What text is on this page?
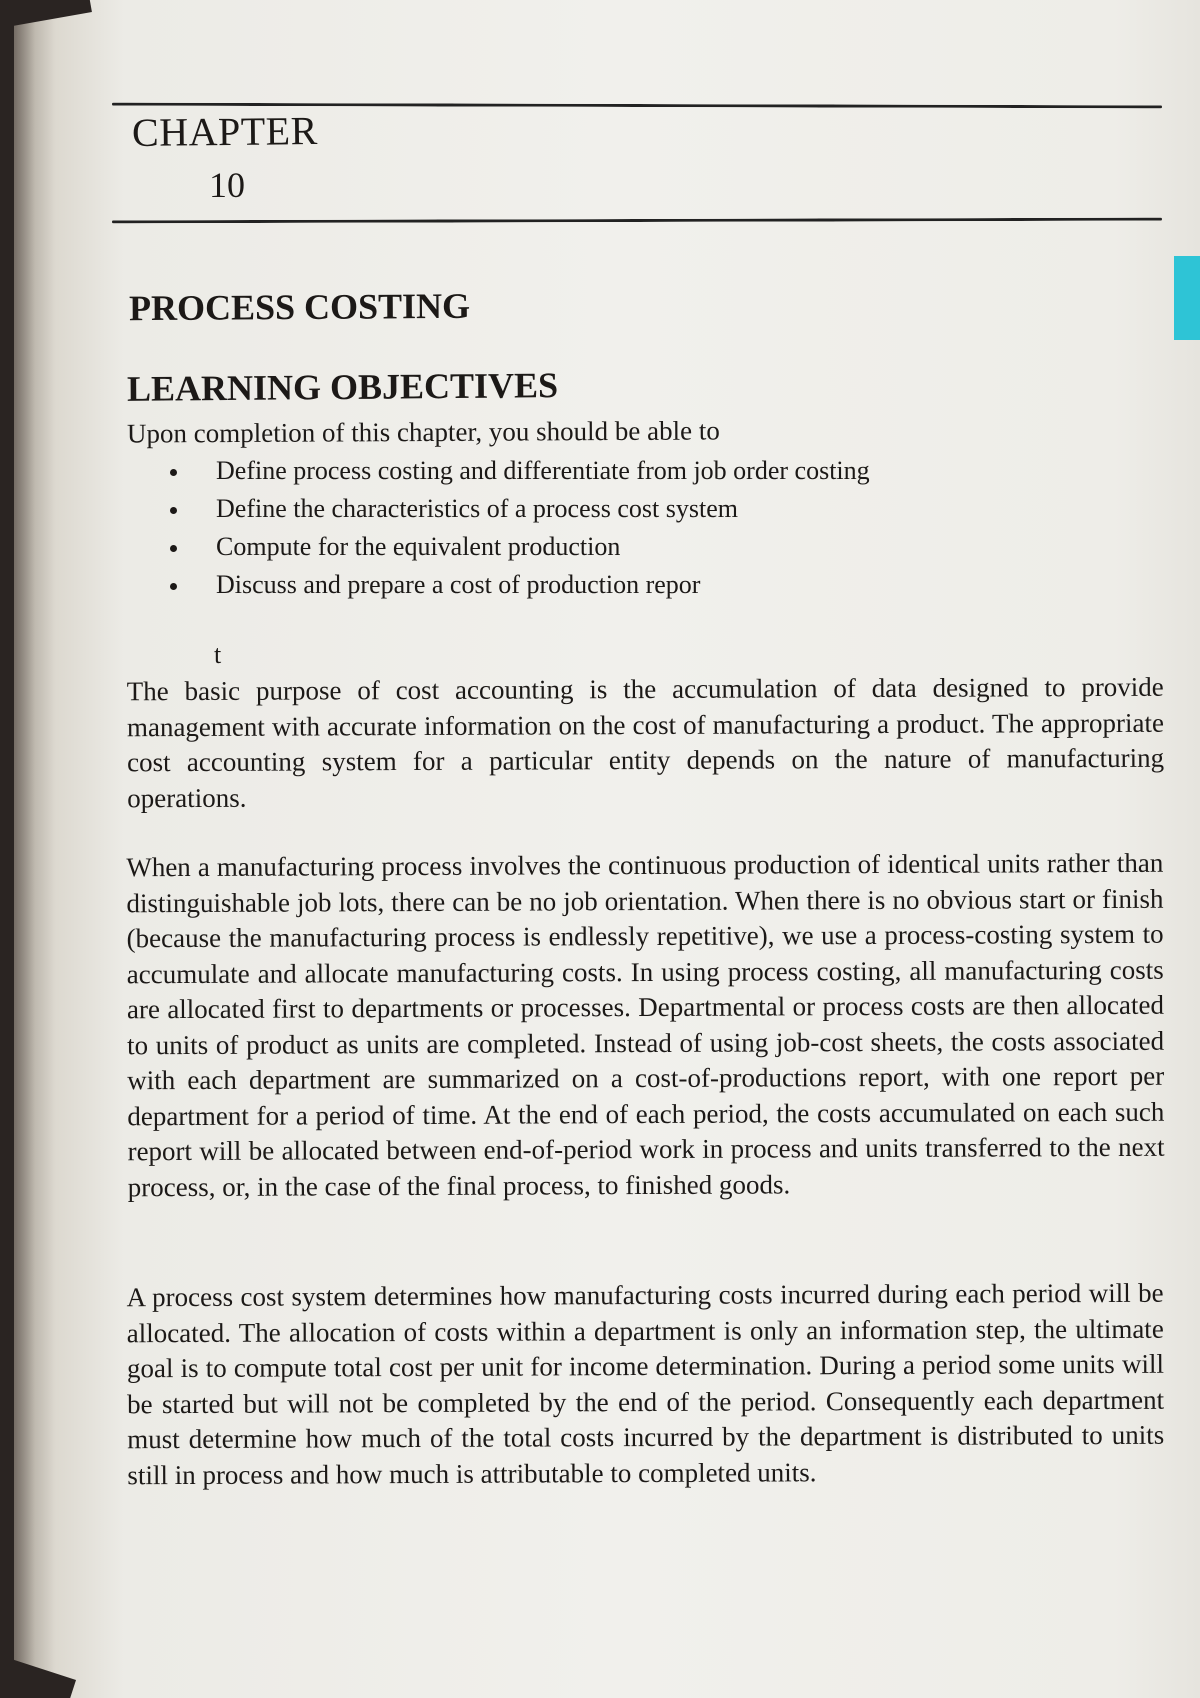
CHAPTER
10
PROCESS COSTING
LEARNING OBJECTIVES

Upon completion of this chapter, you should be able to

Define process costing and differentiate from job order costing
Define the characteristics of a process cost system
Compute for the equivalent production
Discuss and prepare a cost of production repor
t

The basic purpose of cost accounting is the accumulation of data designed to provide management with accurate information on the cost of manufacturing a product. The appropriate cost accounting system for a particular entity depends on the nature of manufacturing operations.

When a manufacturing process involves the continuous production of identical units rather than distinguishable job lots, there can be no job orientation. When there is no obvious start or finish (because the manufacturing process is endlessly repetitive), we use a process-costing system to accumulate and allocate manufacturing costs. In using process costing, all manufacturing costs are allocated first to departments or processes. Departmental or process costs are then allocated to units of product as units are completed. Instead of using job-cost sheets, the costs associated with each department are summarized on a cost-of-productions report, with one report per department for a period of time. At the end of each period, the costs accumulated on each such report will be allocated between end-of-period work in process and units transferred to the next process, or, in the case of the final process, to finished goods.

A process cost system determines how manufacturing costs incurred during each period will be allocated. The allocation of costs within a department is only an information step, the ultimate goal is to compute total cost per unit for income determination. During a period some units will be started but will not be completed by the end of the period. Consequently each department must determine how much of the total costs incurred by the department is distributed to units still in process and how much is attributable to completed units.
